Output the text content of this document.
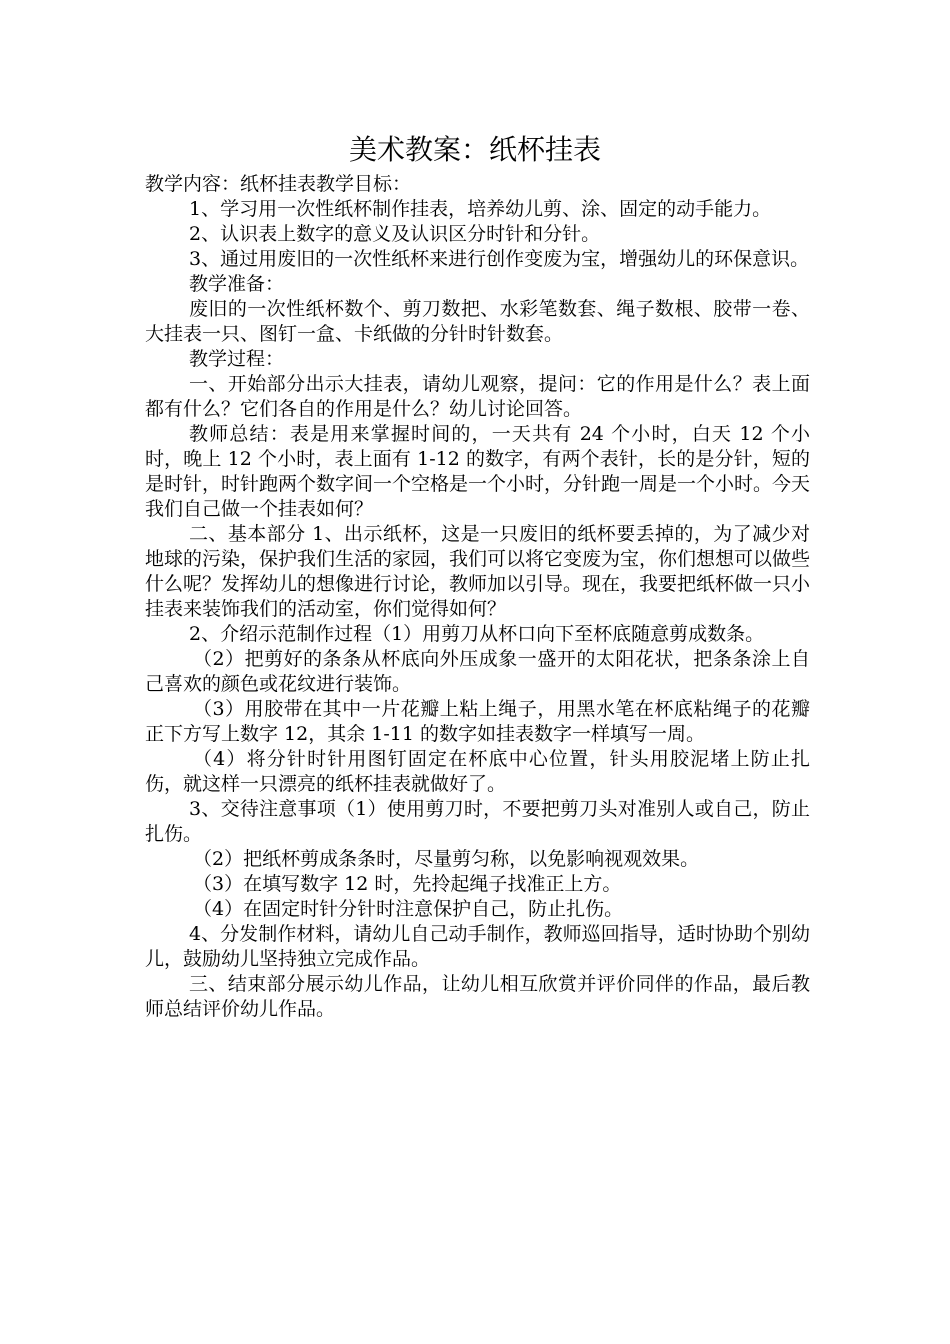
美术教案：纸杯挂表

教学内容：纸杯挂表教学目标：

1、学习用一次性纸杯制作挂表，培养幼儿剪、涂、固定的动手能力。

2、认识表上数字的意义及认识区分时针和分针。

3、通过用废旧的一次性纸杯来进行创作变废为宝，增强幼儿的环保意识。

教学准备：

废旧的一次性纸杯数个、剪刀数把、水彩笔数套、绳子数根、胶带一卷、大挂表一只、图钉一盒、卡纸做的分针时针数套。

教学过程：

一、开始部分出示大挂表，请幼儿观察，提问：它的作用是什么？表上面都有什么？它们各自的作用是什么？幼儿讨论回答。

教师总结：表是用来掌握时间的，一天共有 24 个小时，白天 12 个小时，晚上 12 个小时，表上面有 1-12 的数字，有两个表针，长的是分针，短的是时针，时针跑两个数字间一个空格是一个小时，分针跑一周是一个小时。今天我们自己做一个挂表如何？

二、基本部分 1、出示纸杯，这是一只废旧的纸杯要丢掉的，为了减少对地球的污染，保护我们生活的家园，我们可以将它变废为宝，你们想想可以做些什么呢？发挥幼儿的想像进行讨论，教师加以引导。现在，我要把纸杯做一只小挂表来装饰我们的活动室，你们觉得如何？

2、介绍示范制作过程（1）用剪刀从杯口向下至杯底随意剪成数条。

（2）把剪好的条条从杯底向外压成象一盛开的太阳花状，把条条涂上自己喜欢的颜色或花纹进行装饰。

（3）用胶带在其中一片花瓣上粘上绳子，用黑水笔在杯底粘绳子的花瓣正下方写上数字 12，其余 1-11 的数字如挂表数字一样填写一周。

（4）将分针时针用图钉固定在杯底中心位置，针头用胶泥堵上防止扎伤，就这样一只漂亮的纸杯挂表就做好了。

3、交待注意事项（1）使用剪刀时，不要把剪刀头对准别人或自己，防止扎伤。

（2）把纸杯剪成条条时，尽量剪匀称，以免影响视观效果。

（3）在填写数字 12 时，先拎起绳子找准正上方。

（4）在固定时针分针时注意保护自己，防止扎伤。

4、分发制作材料，请幼儿自己动手制作，教师巡回指导，适时协助个别幼儿，鼓励幼儿坚持独立完成作品。

三、结束部分展示幼儿作品，让幼儿相互欣赏并评价同伴的作品，最后教师总结评价幼儿作品。
